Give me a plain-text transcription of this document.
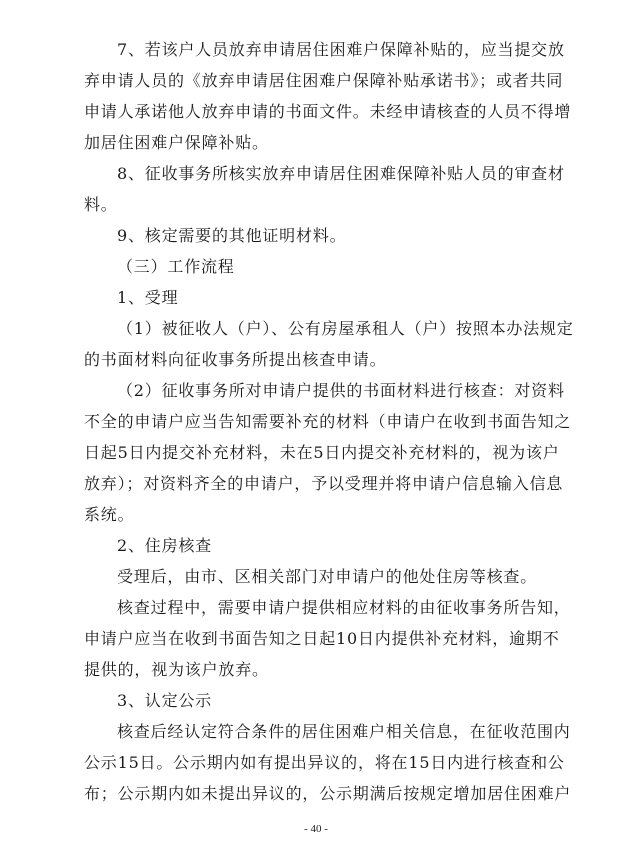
7、若该户人员放弃申请居住困难户保障补贴的，应当提交放
弃申请人员的《放弃申请居住困难户保障补贴承诺书》；或者共同
申请人承诺他人放弃申请的书面文件。未经申请核查的人员不得增
加居住困难户保障补贴。
8、征收事务所核实放弃申请居住困难保障补贴人员的审查材
料。
9、核定需要的其他证明材料。
（三）工作流程
1、受理
（1）被征收人（户）、公有房屋承租人（户）按照本办法规定
的书面材料向征收事务所提出核查申请。
（2）征收事务所对申请户提供的书面材料进行核查：对资料
不全的申请户应当告知需要补充的材料（申请户在收到书面告知之
日起5日内提交补充材料，未在5日内提交补充材料的，视为该户
放弃）；对资料齐全的申请户，予以受理并将申请户信息输入信息
系统。
2、住房核查
受理后，由市、区相关部门对申请户的他处住房等核查。
核查过程中，需要申请户提供相应材料的由征收事务所告知，
申请户应当在收到书面告知之日起10日内提供补充材料，逾期不
提供的，视为该户放弃。
3、认定公示
核查后经认定符合条件的居住困难户相关信息，在征收范围内
公示15日。公示期内如有提出异议的，将在15日内进行核查和公
布；公示期内如未提出异议的，公示期满后按规定增加居住困难户
- 40 -
